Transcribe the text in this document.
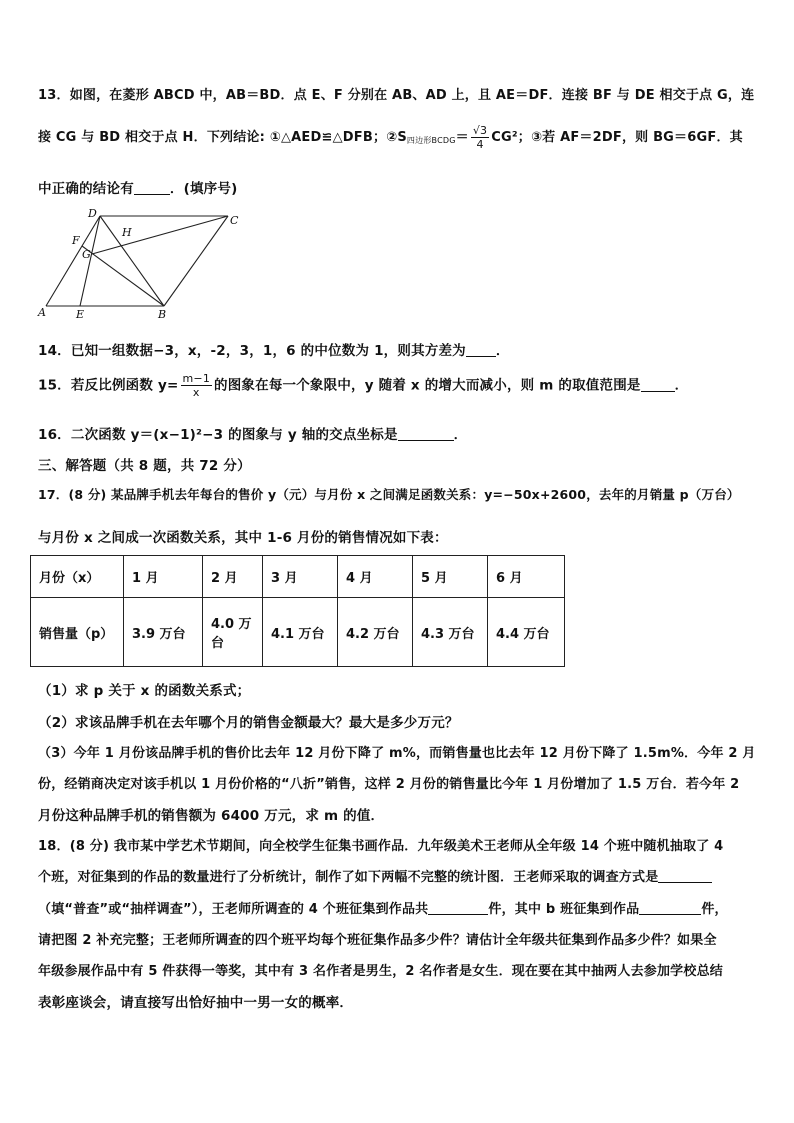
13．如图，在菱形 ABCD 中，AB＝BD．点 E、F 分别在 AB、AD 上，且 AE＝DF．连接 BF 与 DE 相交于点 G，连
接 CG 与 BD 相交于点 H．下列结论: ①△AED≌△DFB；$②S_{四边形BCDG}= \frac{√3}{4} CG^2$；③若 AF＝2DF，则 BG＝6GF．其
中正确的结论有	．(填序号)
D
C
F
H
G
A	E	B
14．已知一组数据−3，x，-2，3，1，6 的中位数为 1，则其方差为 ．
15．若反比例函数 $y= \frac{m-1}{x}$ 的图象在每一个象限中，y 随着 x 的增大而减小，则 m 的取值范围是	．
16．二次函数 y＝(x−1)²−3 的图象与 y 轴的交点坐标是	．
三、解答题（共 8 题，共 72 分）
17．(8 分) 某品牌手机去年每台的售价 y（元）与月份 x 之间满足函数关系：y=−50x+2600，去年的月销量 p（万台）
与月份 x 之间成一次函数关系，其中 1-6 月份的销售情况如下表：
月份（x）	1 月	2 月	3 月	4 月	5 月	6 月
销售量（p）	3.9 万台	4.0 万台	4.1 万台	4.2 万台	4.3 万台	4.4 万台
（1）求 p 关于 x 的函数关系式；
（2）求该品牌手机在去年哪个月的销售金额最大？最大是多少万元？
（3）今年 1 月份该品牌手机的售价比去年 12 月份下降了 m%，而销售量也比去年 12 月份下降了 1.5m%．今年 2 月
份，经销商决定对该手机以 1 月份价格的“八折”销售，这样 2 月份的销售量比今年 1 月份增加了 1.5 万台．若今年 2
月份这种品牌手机的销售额为 6400 万元，求 m 的值．
18．(8 分) 我市某中学艺术节期间，向全校学生征集书画作品．九年级美术王老师从全年级 14 个班中随机抽取了 4
个班，对征集到的作品的数量进行了分析统计，制作了如下两幅不完整的统计图．王老师采取的调查方式是
（填“普查”或“抽样调查”），王老师所调查的 4 个班征集到作品共	件，其中 b 班征集到作品	件，
请把图 2 补充完整；王老师所调查的四个班平均每个班征集作品多少件？请估计全年级共征集到作品多少件？如果全
年级参展作品中有 5 件获得一等奖，其中有 3 名作者是男生，2 名作者是女生．现在要在其中抽两人去参加学校总结
表彰座谈会，请直接写出恰好抽中一男一女的概率．
